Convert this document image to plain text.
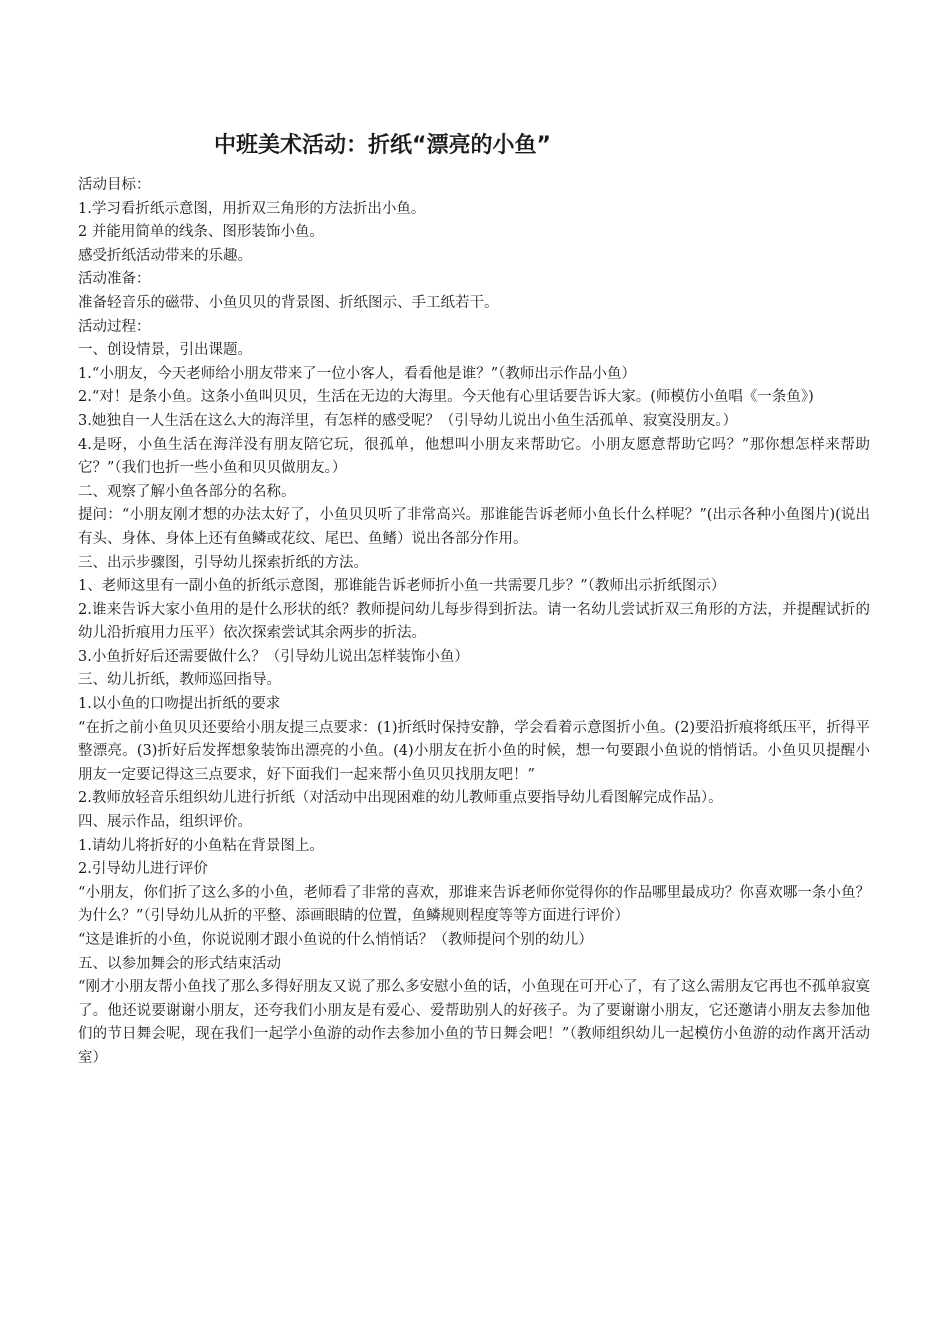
中班美术活动：折纸“漂亮的小鱼”
活动目标：
1.学习看折纸示意图，用折双三角形的方法折出小鱼。
2 并能用简单的线条、图形装饰小鱼。
感受折纸活动带来的乐趣。
活动准备：
准备轻音乐的磁带、小鱼贝贝的背景图、折纸图示、手工纸若干。
活动过程：
一、创设情景，引出课题。
1.“小朋友，今天老师给小朋友带来了一位小客人，看看他是谁？”（教师出示作品小鱼）
2.“对！是条小鱼。这条小鱼叫贝贝，生活在无边的大海里。今天他有心里话要告诉大家。(师模仿小鱼唱《一条鱼》)
3.她独自一人生活在这么大的海洋里，有怎样的感受呢？（引导幼儿说出小鱼生活孤单、寂寞没朋友。）
4.是呀，小鱼生活在海洋没有朋友陪它玩，很孤单，他想叫小朋友来帮助它。小朋友愿意帮助它吗？”那你想怎样来帮助它？”（我们也折一些小鱼和贝贝做朋友。）
二、观察了解小鱼各部分的名称。
提问：“小朋友刚才想的办法太好了，小鱼贝贝听了非常高兴。那谁能告诉老师小鱼长什么样呢？”(出示各种小鱼图片)(说出有头、身体、身体上还有鱼鳞或花纹、尾巴、鱼鳍）说出各部分作用。
三、出示步骤图，引导幼儿探索折纸的方法。
1、老师这里有一副小鱼的折纸示意图，那谁能告诉老师折小鱼一共需要几步？”（教师出示折纸图示）
2.谁来告诉大家小鱼用的是什么形状的纸？教师提问幼儿每步得到折法。请一名幼儿尝试折双三角形的方法，并提醒试折的幼儿沿折痕用力压平）依次探索尝试其余两步的折法。
3.小鱼折好后还需要做什么？（引导幼儿说出怎样装饰小鱼）
三、幼儿折纸，教师巡回指导。
1.以小鱼的口吻提出折纸的要求
“在折之前小鱼贝贝还要给小朋友提三点要求：(1)折纸时保持安静，学会看着示意图折小鱼。(2)要沿折痕将纸压平，折得平整漂亮。(3)折好后发挥想象装饰出漂亮的小鱼。(4)小朋友在折小鱼的时候，想一句要跟小鱼说的悄悄话。小鱼贝贝提醒小朋友一定要记得这三点要求，好下面我们一起来帮小鱼贝贝找朋友吧！”
2.教师放轻音乐组织幼儿进行折纸（对活动中出现困难的幼儿教师重点要指导幼儿看图解完成作品）。
四、展示作品，组织评价。
1.请幼儿将折好的小鱼粘在背景图上。
2.引导幼儿进行评价
“小朋友，你们折了这么多的小鱼，老师看了非常的喜欢，那谁来告诉老师你觉得你的作品哪里最成功？你喜欢哪一条小鱼？为什么？”（引导幼儿从折的平整、添画眼睛的位置，鱼鳞规则程度等等方面进行评价）
“这是谁折的小鱼，你说说刚才跟小鱼说的什么悄悄话？（教师提问个别的幼儿）
五、以参加舞会的形式结束活动
“刚才小朋友帮小鱼找了那么多得好朋友又说了那么多安慰小鱼的话，小鱼现在可开心了，有了这么需朋友它再也不孤单寂寞了。他还说要谢谢小朋友，还夸我们小朋友是有爱心、爱帮助别人的好孩子。为了要谢谢小朋友，它还邀请小朋友去参加他们的节日舞会呢，现在我们一起学小鱼游的动作去参加小鱼的节日舞会吧！”（教师组织幼儿一起模仿小鱼游的动作离开活动室）
